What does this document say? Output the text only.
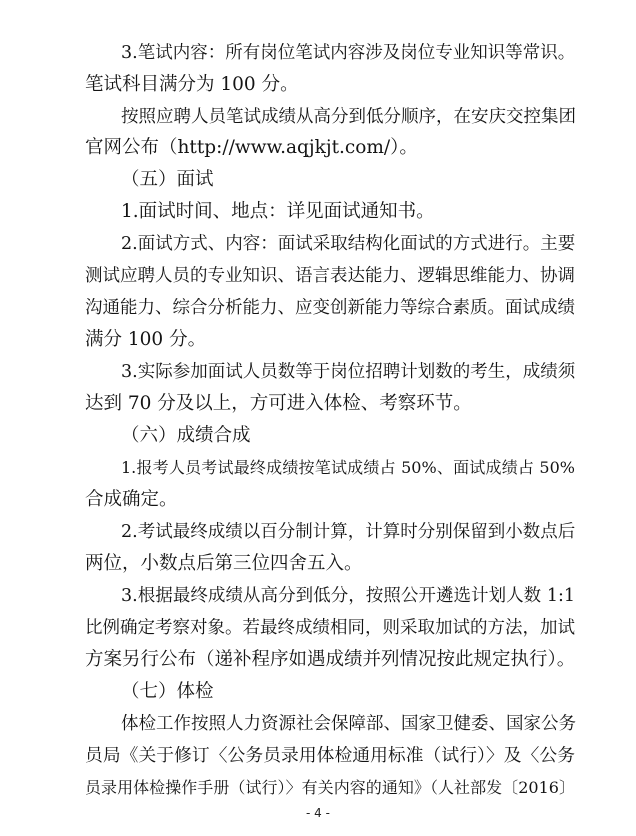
3.笔试内容：所有岗位笔试内容涉及岗位专业知识等常识。
笔试科目满分为 100 分。
按照应聘人员笔试成绩从高分到低分顺序，在安庆交控集团
官网公布（http://www.aqjkjt.com/）。
（五）面试
1.面试时间、地点：详见面试通知书。
2.面试方式、内容：面试采取结构化面试的方式进行。主要
测试应聘人员的专业知识、语言表达能力、逻辑思维能力、协调
沟通能力、综合分析能力、应变创新能力等综合素质。面试成绩
满分 100 分。
3.实际参加面试人员数等于岗位招聘计划数的考生，成绩须
达到 70 分及以上，方可进入体检、考察环节。
（六）成绩合成
1.报考人员考试最终成绩按笔试成绩占 50%、面试成绩占 50%
合成确定。
2.考试最终成绩以百分制计算，计算时分别保留到小数点后
两位，小数点后第三位四舍五入。
3.根据最终成绩从高分到低分，按照公开遴选计划人数 1:1
比例确定考察对象。若最终成绩相同，则采取加试的方法，加试
方案另行公布（递补程序如遇成绩并列情况按此规定执行）。
（七）体检
体检工作按照人力资源社会保障部、国家卫健委、国家公务
员局《关于修订〈公务员录用体检通用标准（试行）〉及〈公务
员录用体检操作手册（试行）〉有关内容的通知》（人社部发〔2016〕
- 4 -
